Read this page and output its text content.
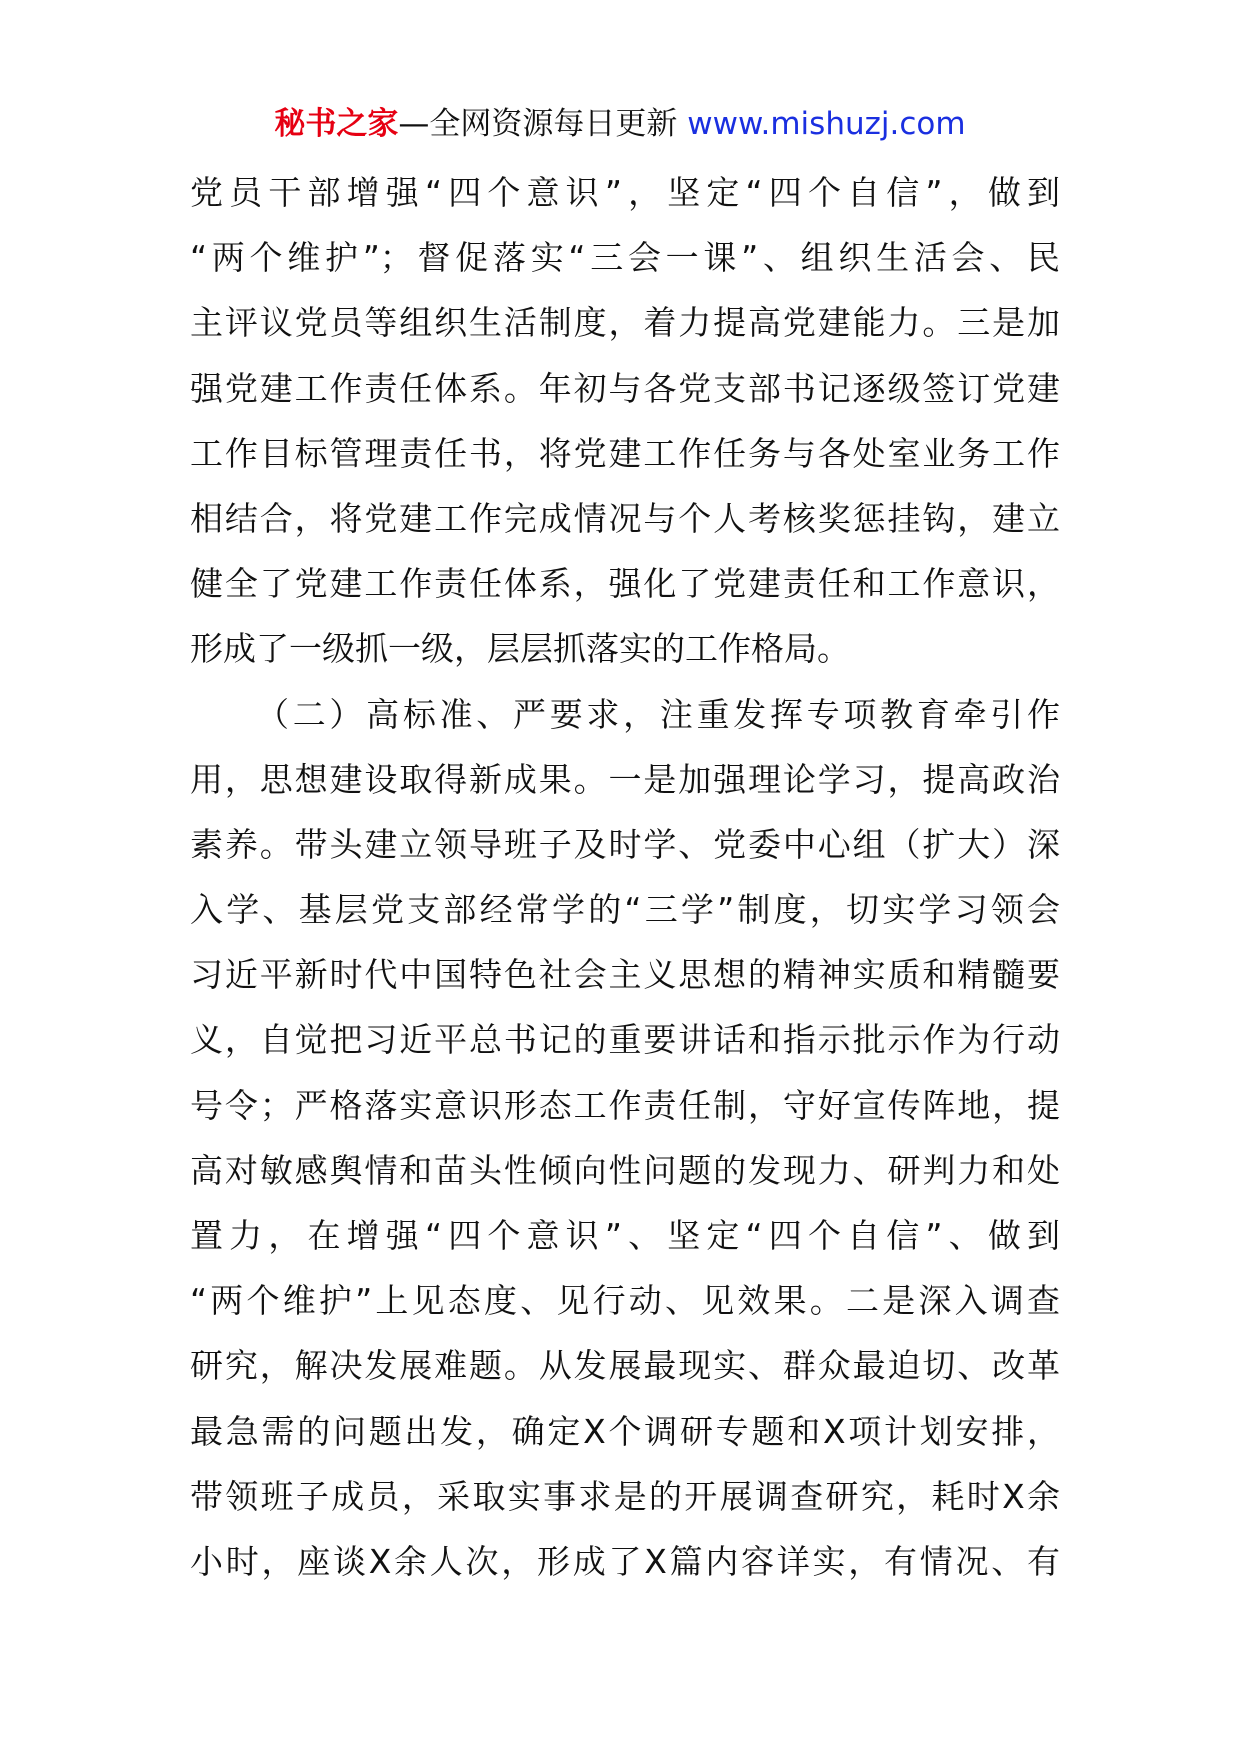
秘书之家—全网资源每日更新 www.mishuzj.com
党员干部增强“四个意识”，坚定“四个自信”，做到
“两个维护”；督促落实“三会一课”、组织生活会、民
主评议党员等组织生活制度，着力提高党建能力。三是加
强党建工作责任体系。年初与各党支部书记逐级签订党建
工作目标管理责任书，将党建工作任务与各处室业务工作
相结合，将党建工作完成情况与个人考核奖惩挂钩，建立
健全了党建工作责任体系，强化了党建责任和工作意识，
形成了一级抓一级，层层抓落实的工作格局。
（二）高标准、严要求，注重发挥专项教育牵引作
用，思想建设取得新成果。一是加强理论学习，提高政治
素养。带头建立领导班子及时学、党委中心组（扩大）深
入学、基层党支部经常学的“三学”制度，切实学习领会
习近平新时代中国特色社会主义思想的精神实质和精髓要
义，自觉把习近平总书记的重要讲话和指示批示作为行动
号令；严格落实意识形态工作责任制，守好宣传阵地，提
高对敏感舆情和苗头性倾向性问题的发现力、研判力和处
置力，在增强“四个意识”、坚定“四个自信”、做到
“两个维护”上见态度、见行动、见效果。二是深入调查
研究，解决发展难题。从发展最现实、群众最迫切、改革
最急需的问题出发，确定X个调研专题和X项计划安排，
带领班子成员，采取实事求是的开展调查研究，耗时X余
小时，座谈X余人次，形成了X篇内容详实，有情况、有
